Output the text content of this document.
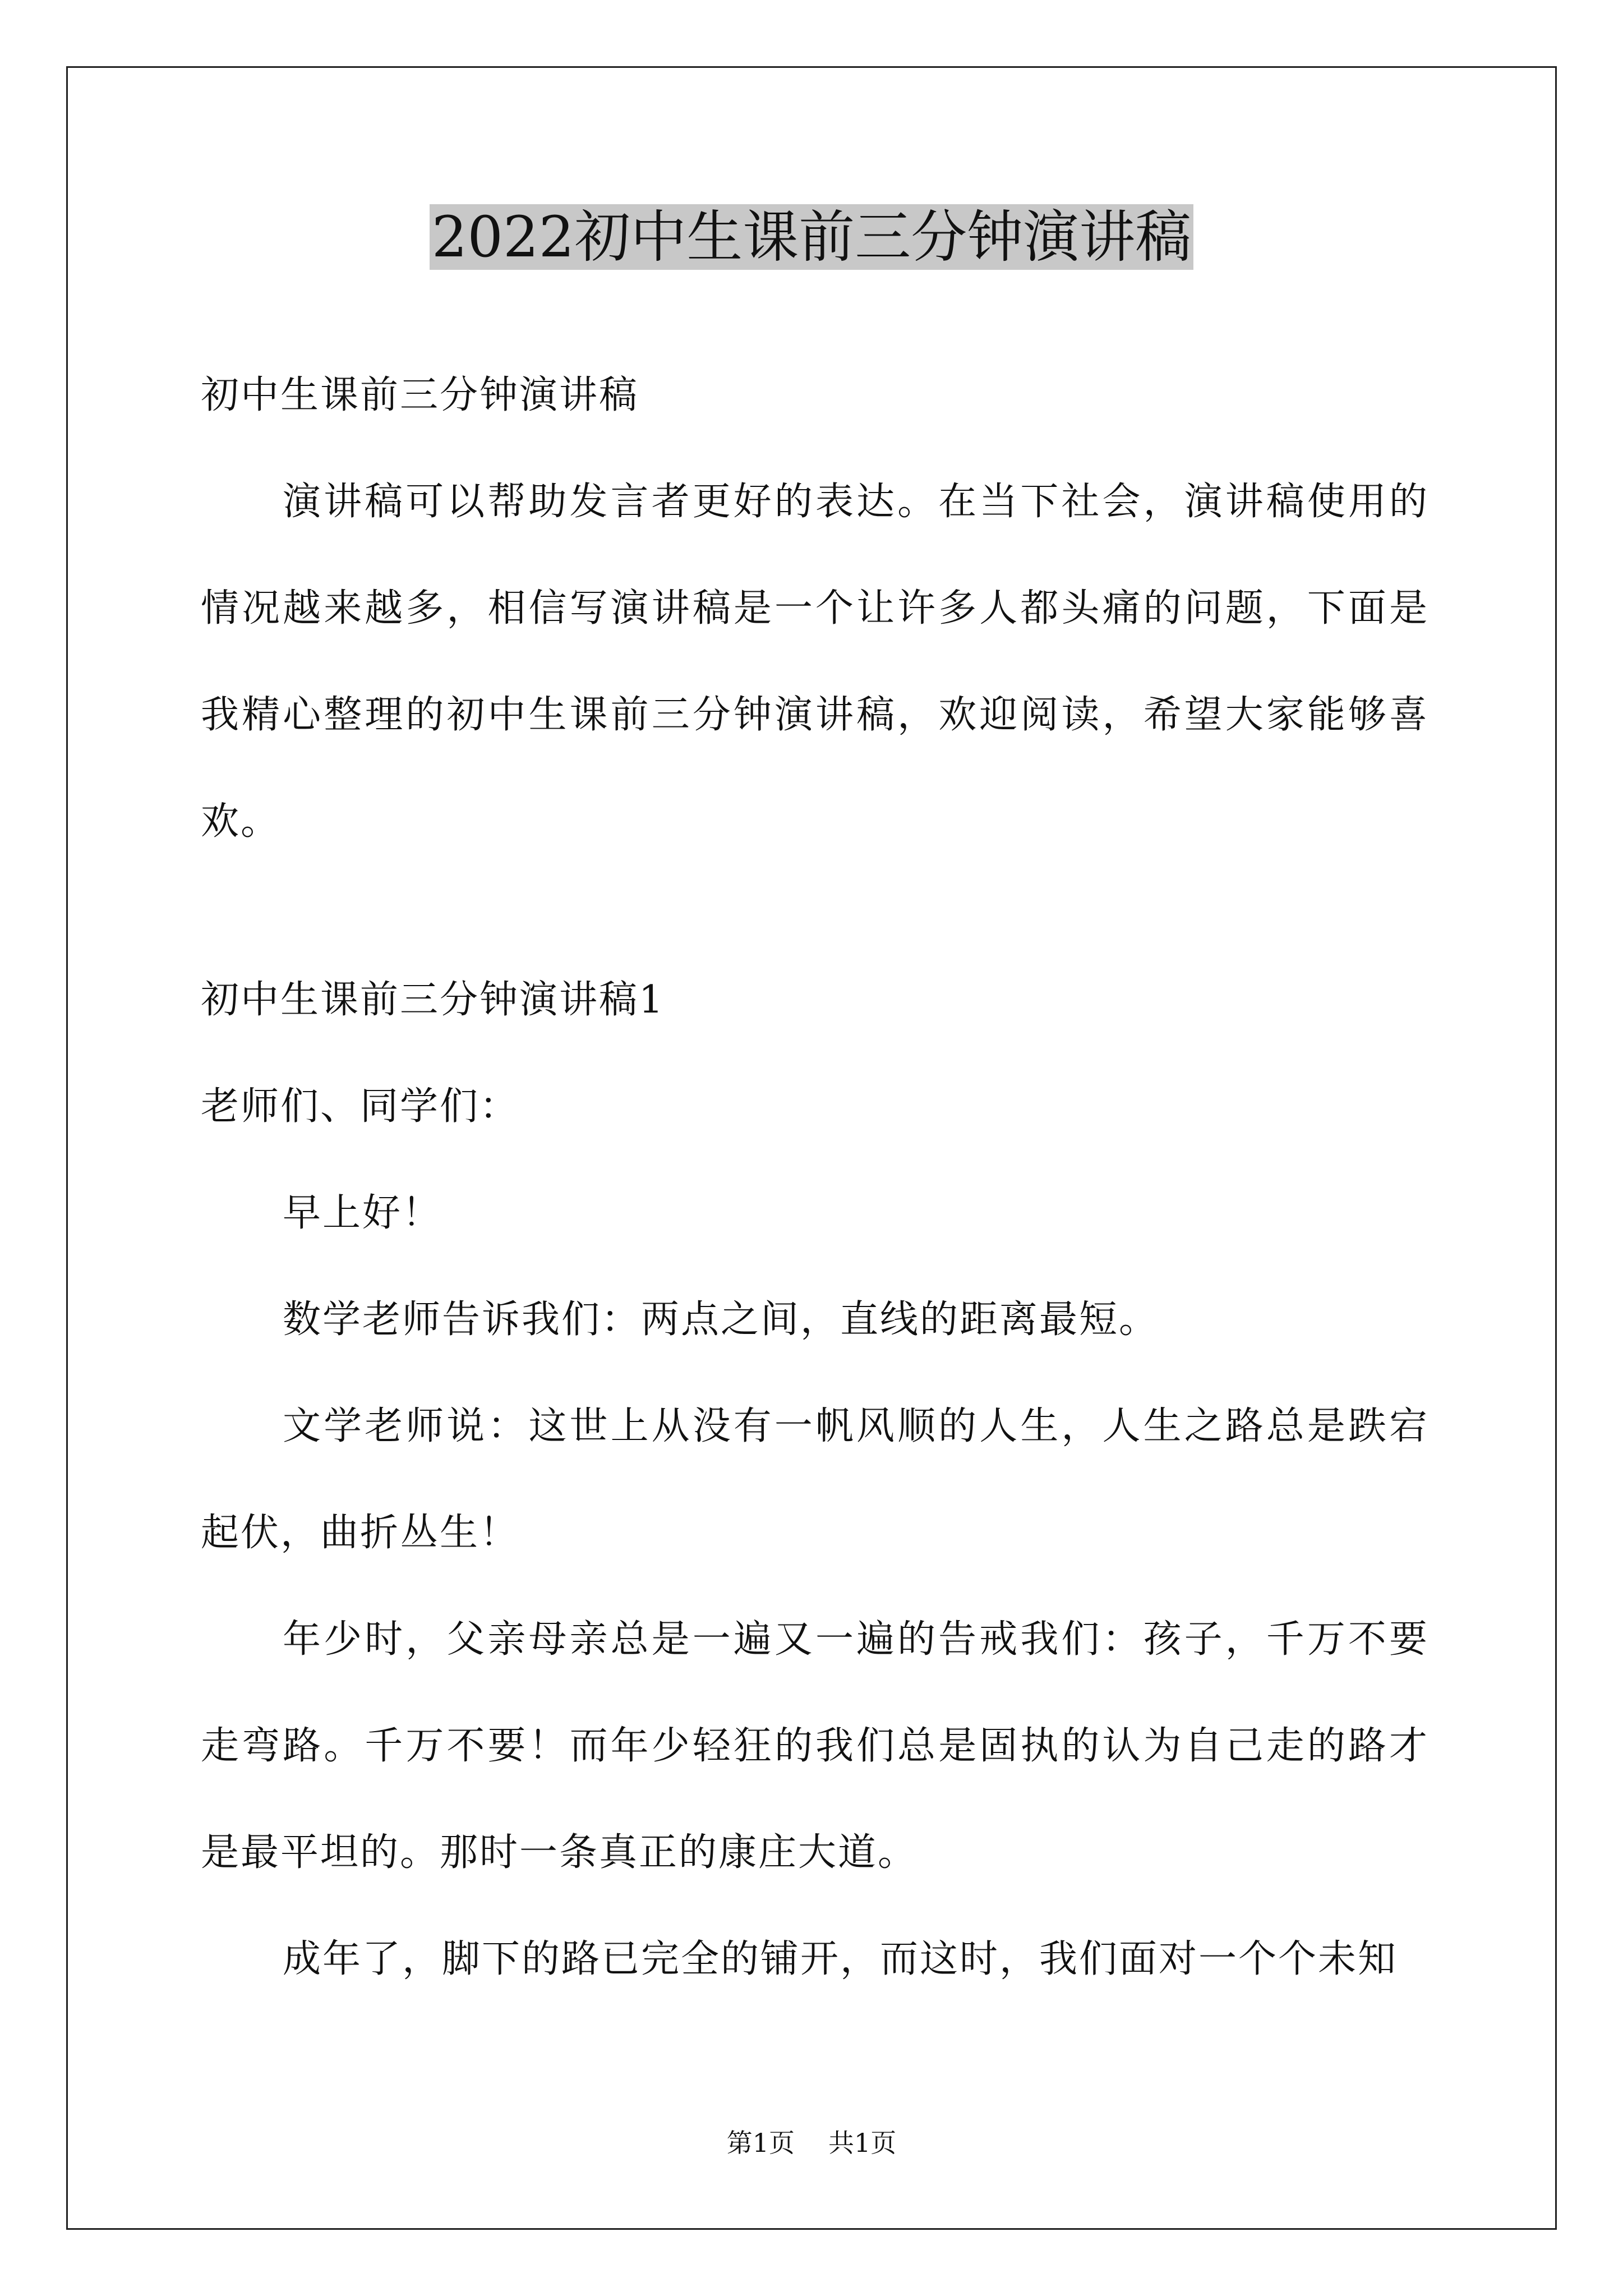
2022初中生课前三分钟演讲稿

初中生课前三分钟演讲稿

演讲稿可以帮助发言者更好的表达。在当下社会，演讲稿使用的情况越来越多，相信写演讲稿是一个让许多人都头痛的问题，下面是我精心整理的初中生课前三分钟演讲稿，欢迎阅读，希望大家能够喜欢。

初中生课前三分钟演讲稿1

老师们、同学们：

早上好！

数学老师告诉我们：两点之间，直线的距离最短。

文学老师说：这世上从没有一帆风顺的人生，人生之路总是跌宕起伏，曲折丛生！

年少时，父亲母亲总是一遍又一遍的告戒我们：孩子，千万不要走弯路。千万不要！而年少轻狂的我们总是固执的认为自己走的路才是最平坦的。那时一条真正的康庄大道。

成年了，脚下的路已完全的铺开，而这时，我们面对一个个未知

第1页 共1页
